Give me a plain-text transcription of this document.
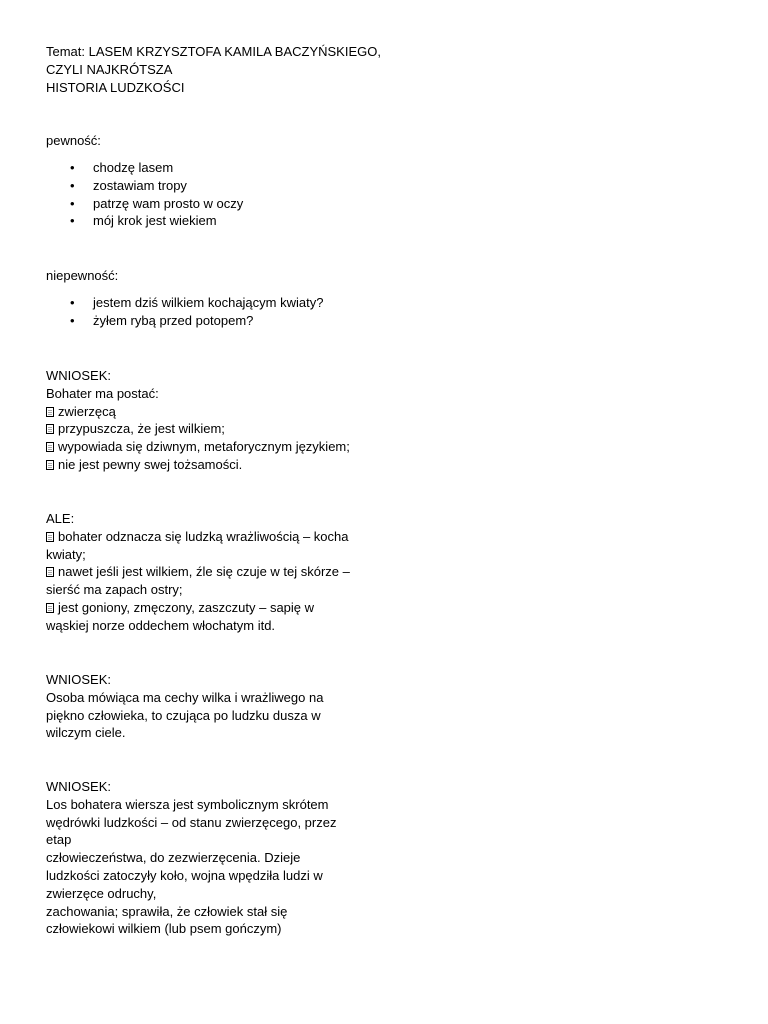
Temat: LASEM KRZYSZTOFA KAMILA BACZYŃSKIEGO,
CZYLI NAJKRÓTSZA
HISTORIA LUDZKOŚCI
pewność:
• chodzę lasem
• zostawiam tropy
• patrzę wam prosto w oczy
• mój krok jest wiekiem
niepewność:
• jestem dziś wilkiem kochającym kwiaty?
• żyłem rybą przed potopem?
WNIOSEK:
Bohater ma postać:
zwierzęcą
przypuszcza, że jest wilkiem;
wypowiada się dziwnym, metaforycznym językiem;
nie jest pewny swej tożsamości.
ALE:
bohater odznacza się ludzką wrażliwością – kocha
kwiaty;
nawet jeśli jest wilkiem, źle się czuje w tej skórze –
sierść ma zapach ostry;
jest goniony, zmęczony, zaszczuty – sapię w
wąskiej norze oddechem włochatym itd.
WNIOSEK:
Osoba mówiąca ma cechy wilka i wrażliwego na
piękno człowieka, to czująca po ludzku dusza w
wilczym ciele.
WNIOSEK:
Los bohatera wiersza jest symbolicznym skrótem
wędrówki ludzkości – od stanu zwierzęcego, przez
etap
człowieczeństwa, do zezwierzęcenia. Dzieje
ludzkości zatoczyły koło, wojna wpędziła ludzi w
zwierzęce odruchy,
zachowania; sprawiła, że człowiek stał się
człowiekowi wilkiem (lub psem gończym)
